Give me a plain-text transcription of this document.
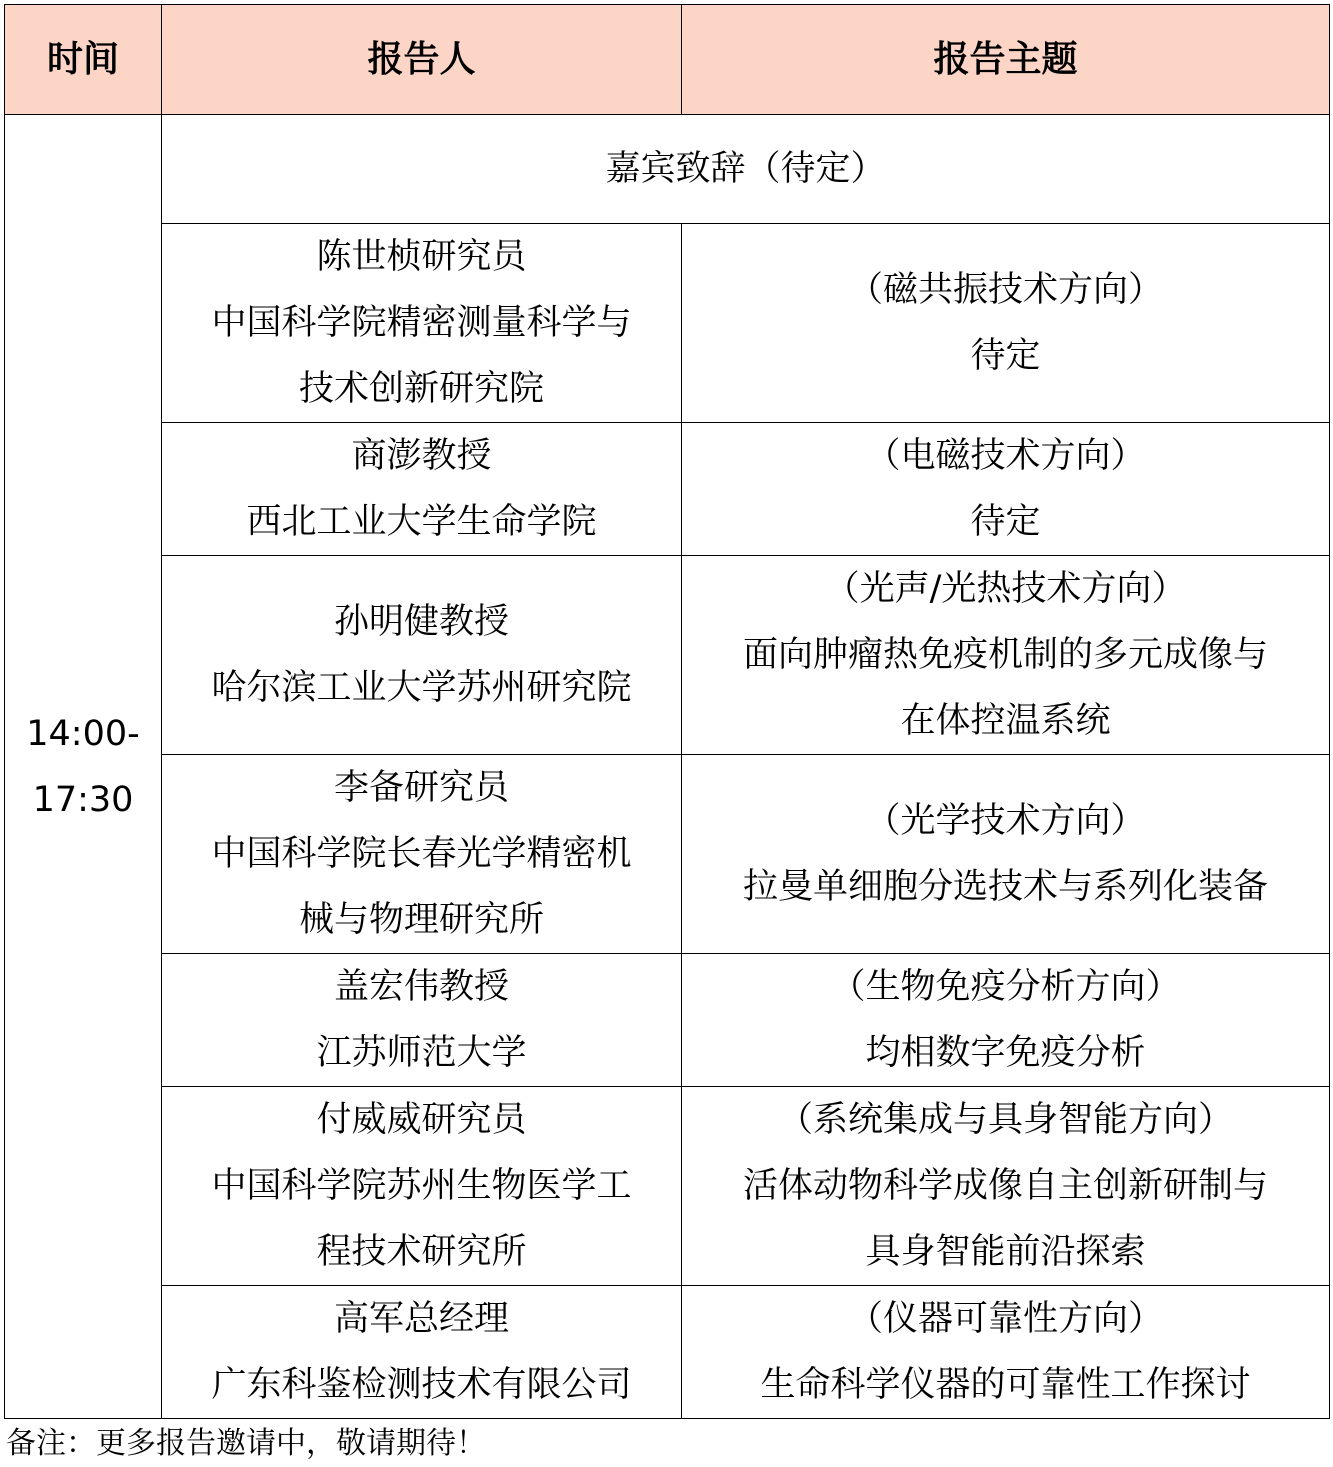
时间	报告人	报告主题

14:00-
17:30	嘉宾致辞（待定）	

	陈世桢研究员
中国科学院精密测量科学与
技术创新研究院	（磁共振技术方向）
待定

	商澎教授
西北工业大学生命学院	（电磁技术方向）
待定

	孙明健教授
哈尔滨工业大学苏州研究院	（光声/光热技术方向）
面向肿瘤热免疫机制的多元成像与
在体控温系统

	李备研究员
中国科学院长春光学精密机
械与物理研究所	（光学技术方向）
拉曼单细胞分选技术与系列化装备

	盖宏伟教授
江苏师范大学	（生物免疫分析方向）
均相数字免疫分析

	付威威研究员
中国科学院苏州生物医学工
程技术研究所	（系统集成与具身智能方向）
活体动物科学成像自主创新研制与
具身智能前沿探索

	高军总经理
广东科鉴检测技术有限公司	（仪器可靠性方向）
生命科学仪器的可靠性工作探讨
备注：更多报告邀请中，敬请期待！
